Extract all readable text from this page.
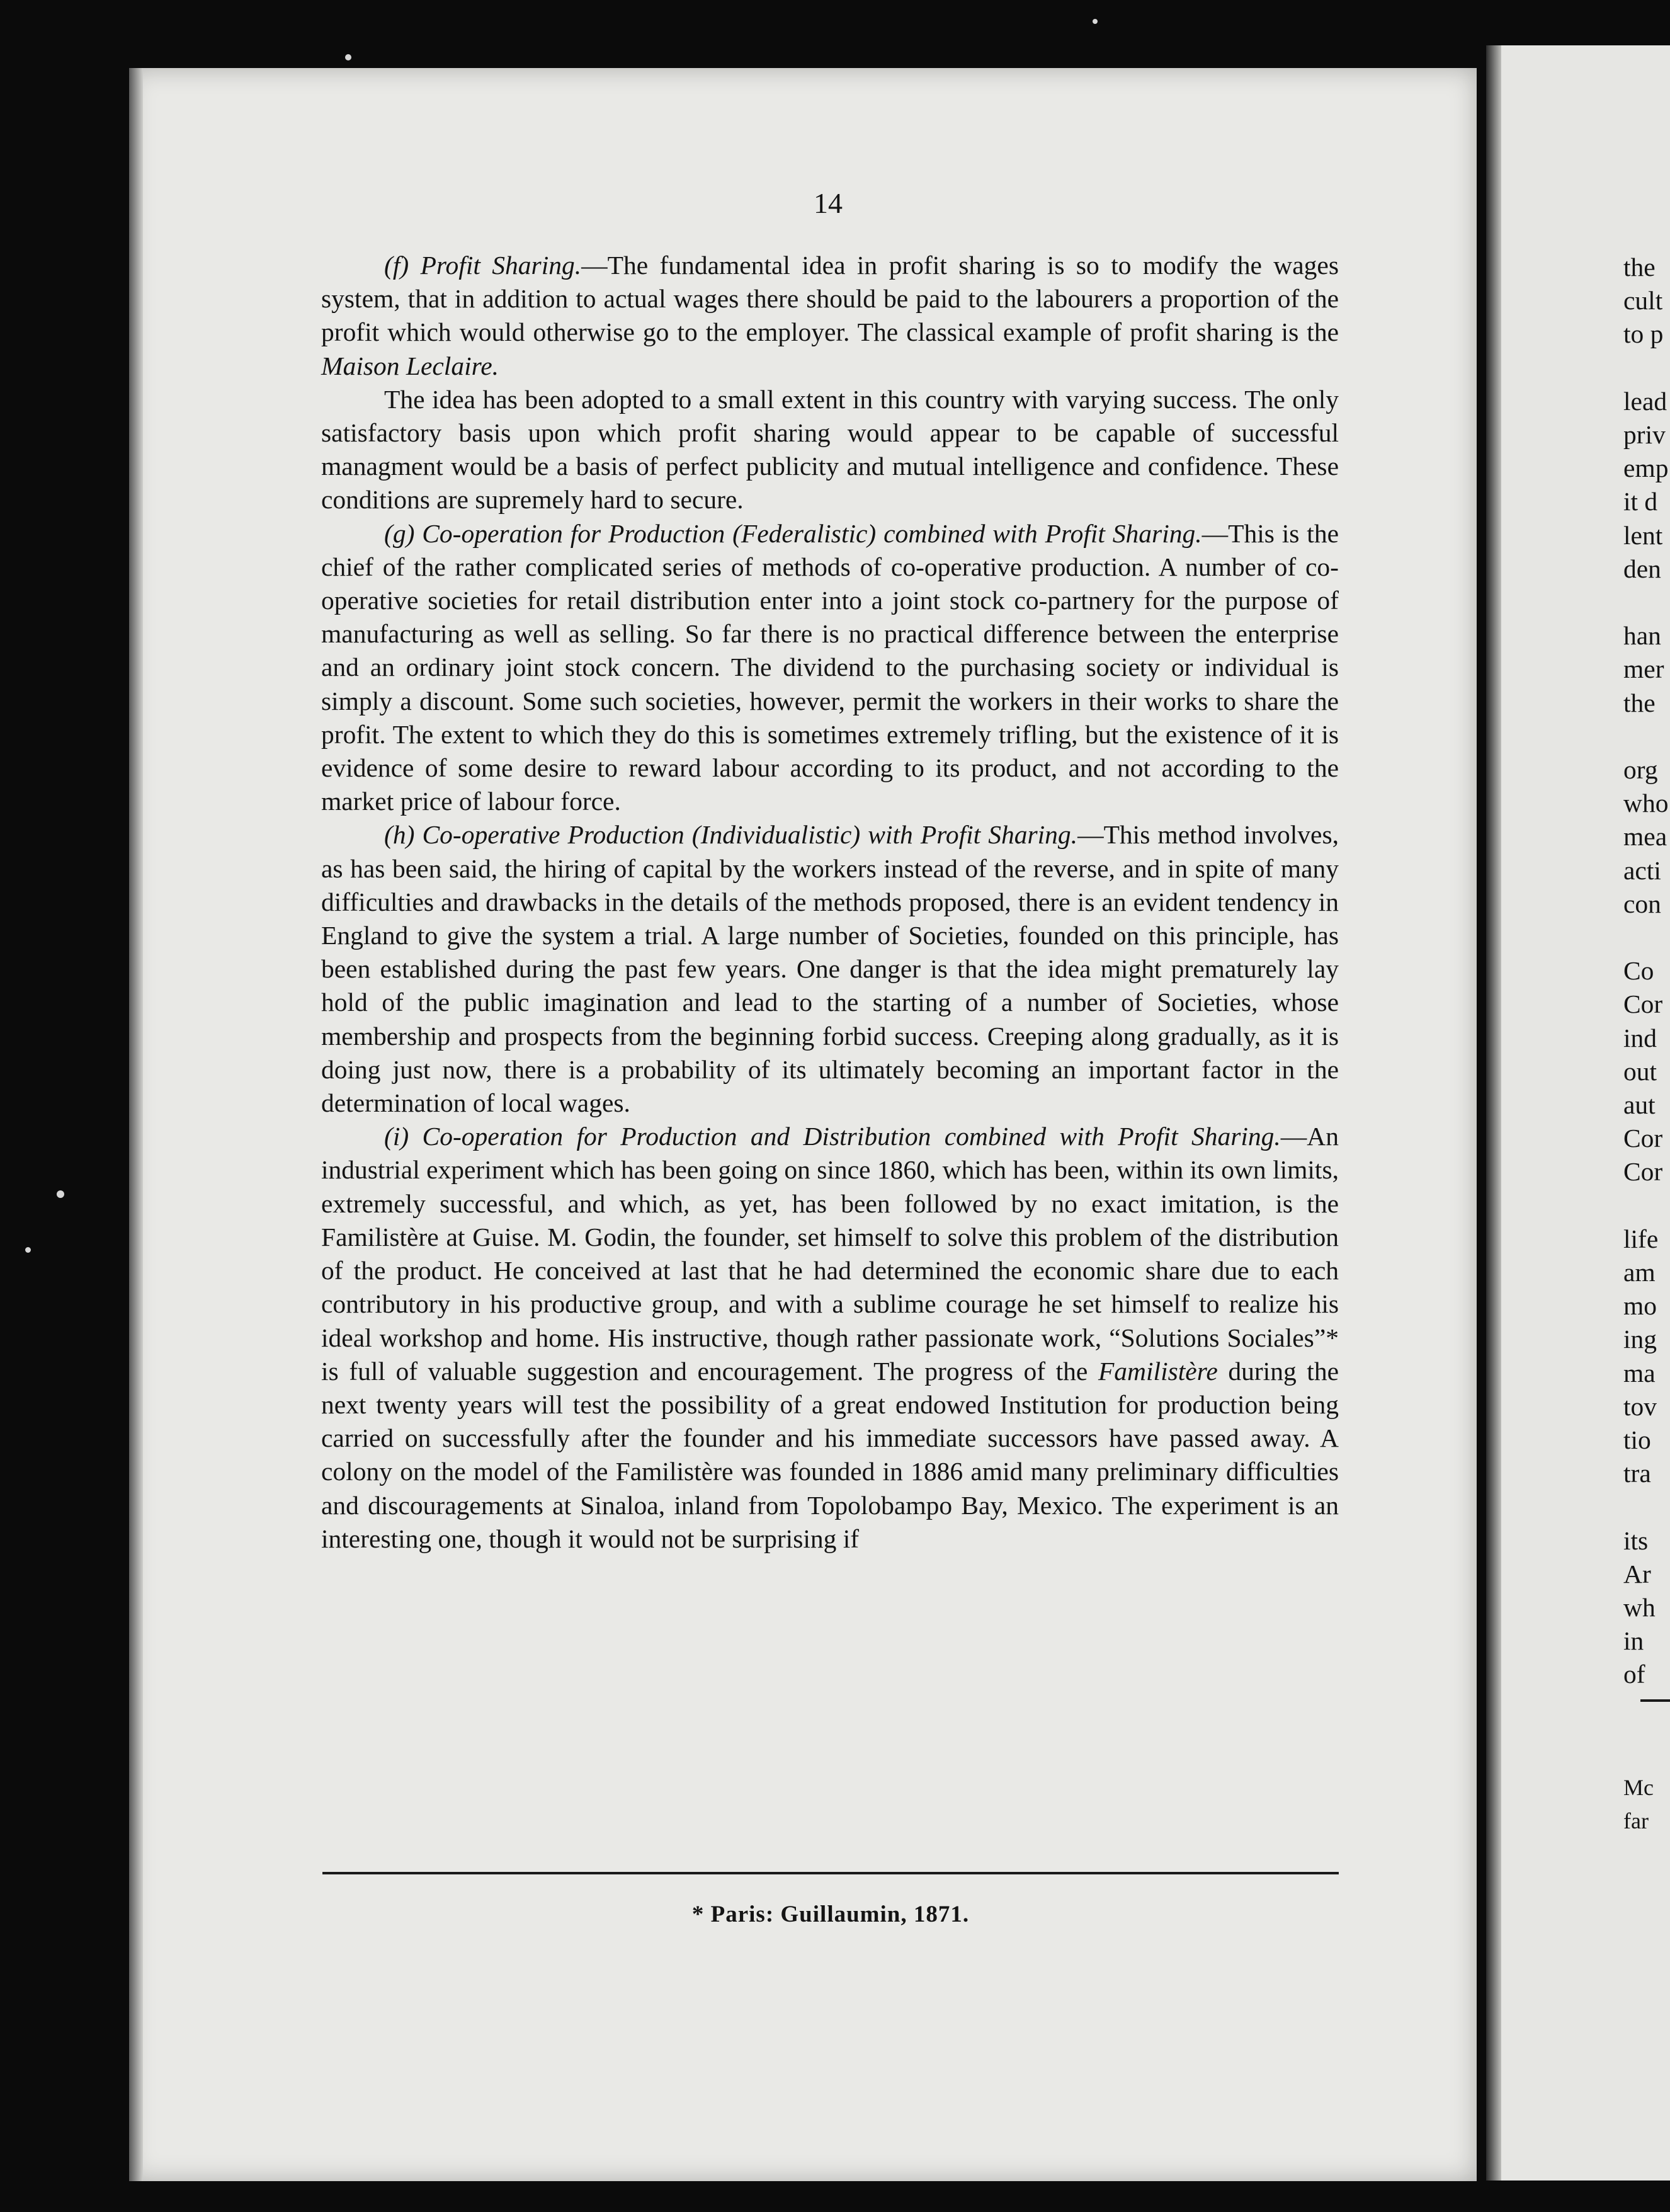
the
cult
to p
lead
priv
emp
it d
lent
den
han
mer
the
org
who
mea
acti
con
Co
Cor
ind
out
aut
Cor
Cor
life
am
mo
ing
ma
tov
tio
tra
its
Ar
wh
in
of
Mc
far
14

(f) Profit Sharing.—The fundamental idea in profit sharing is so to modify the wages system, that in addition to actual wages there should be paid to the labourers a proportion of the profit which would otherwise go to the employer. The classical example of profit sharing is the Maison Leclaire.

The idea has been adopted to a small extent in this country with varying success. The only satisfactory basis upon which profit sharing would appear to be capable of successful managment would be a basis of perfect publicity and mutual intelligence and confidence. These conditions are supremely hard to secure.

(g) Co-operation for Production (Federalistic) combined with Profit Sharing.—This is the chief of the rather complicated series of methods of co-operative production. A number of co-operative societies for retail distribution enter into a joint stock co-partnery for the purpose of manufacturing as well as selling. So far there is no practical difference between the enterprise and an ordinary joint stock concern. The dividend to the purchasing society or individual is simply a discount. Some such societies, however, permit the workers in their works to share the profit. The extent to which they do this is sometimes extremely trifling, but the existence of it is evidence of some desire to reward labour according to its product, and not according to the market price of labour force.

(h) Co-operative Production (Individualistic) with Profit Sharing.—This method involves, as has been said, the hiring of capital by the workers instead of the reverse, and in spite of many difficulties and drawbacks in the details of the methods proposed, there is an evident tendency in England to give the system a trial. A large number of Societies, founded on this principle, has been established during the past few years. One danger is that the idea might prematurely lay hold of the public imagination and lead to the starting of a number of Societies, whose membership and prospects from the beginning forbid success. Creeping along gradually, as it is doing just now, there is a probability of its ultimately becoming an important factor in the determination of local wages.

(i) Co-operation for Production and Distribution combined with Profit Sharing.—An industrial experiment which has been going on since 1860, which has been, within its own limits, extremely successful, and which, as yet, has been followed by no exact imitation, is the Familistère at Guise. M. Godin, the founder, set himself to solve this problem of the distribution of the product. He conceived at last that he had determined the economic share due to each contributory in his productive group, and with a sublime courage he set himself to realize his ideal workshop and home. His instructive, though rather passionate work, “Solutions Sociales”* is full of valuable suggestion and encouragement. The progress of the Familistère during the next twenty years will test the possibility of a great endowed Institution for production being carried on successfully after the founder and his immediate successors have passed away. A colony on the model of the Familistère was founded in 1886 amid many preliminary difficulties and discouragements at Sinaloa, inland from Topolobampo Bay, Mexico. The experiment is an interesting one, though it would not be surprising if

* Paris: Guillaumin, 1871.
